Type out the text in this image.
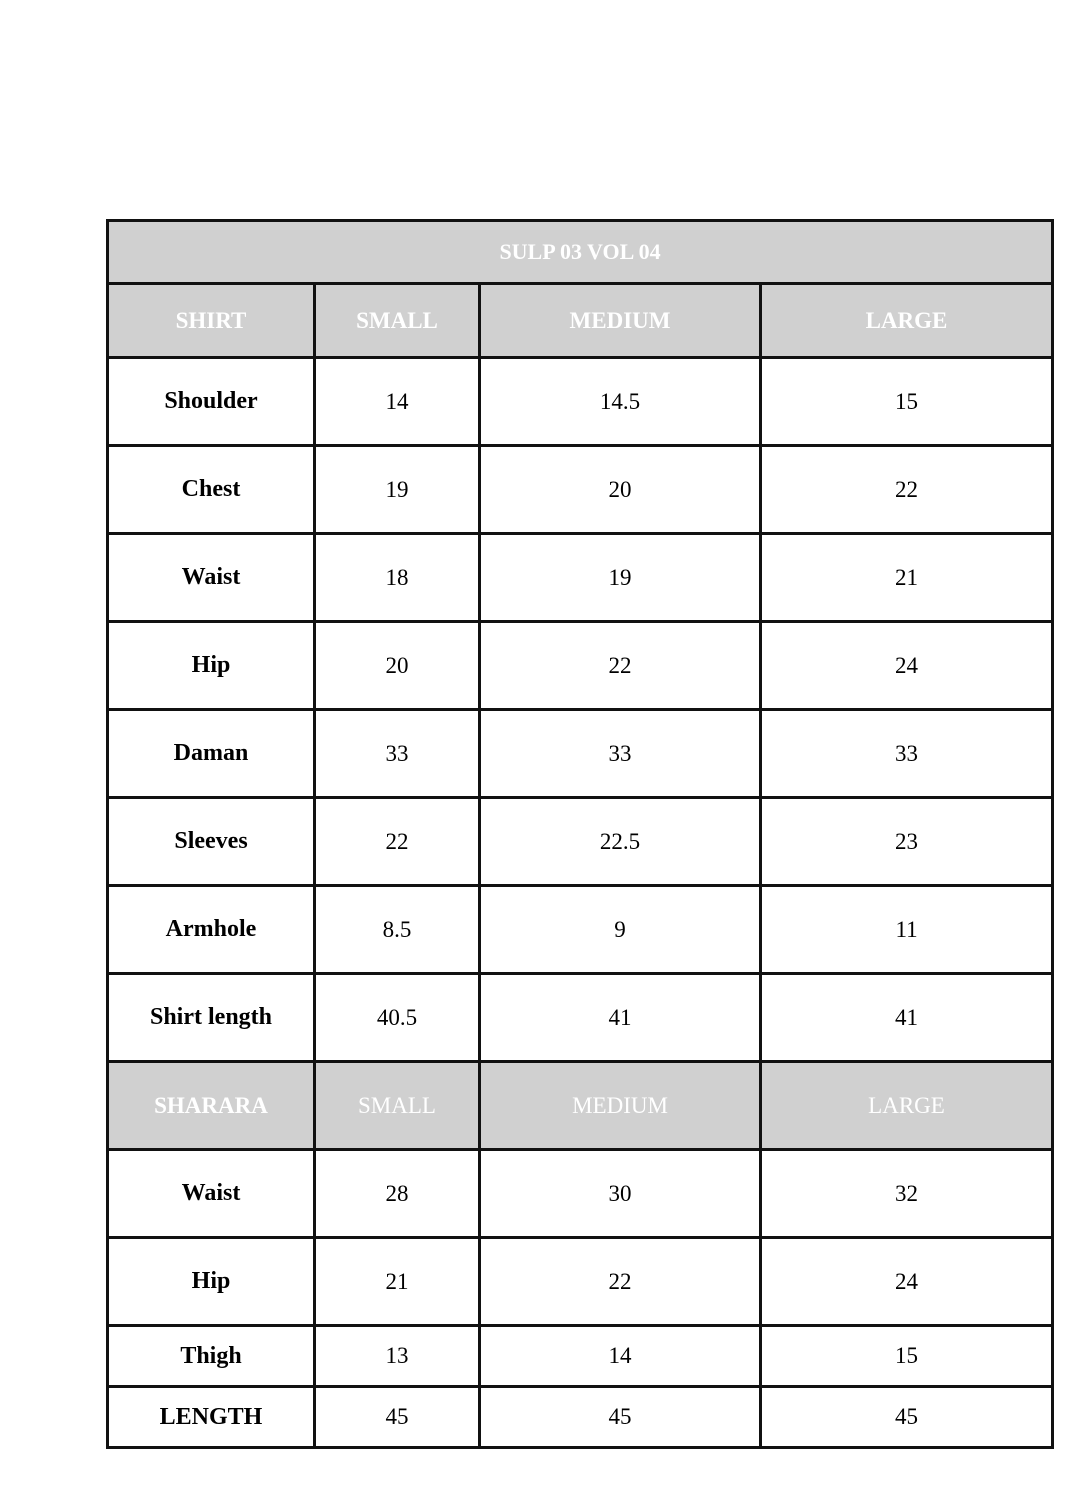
SULP 03 VOL 04			
SHIRT	SMALL	MEDIUM	LARGE
Shoulder	14	14.5	15
Chest	19	20	22
Waist	18	19	21
Hip	20	22	24
Daman	33	33	33
Sleeves	22	22.5	23
Armhole	8.5	9	11
Shirt length	40.5	41	41
SHARARA	SMALL	MEDIUM	LARGE
Waist	28	30	32
Hip	21	22	24
Thigh	13	14	15
LENGTH	45	45	45
